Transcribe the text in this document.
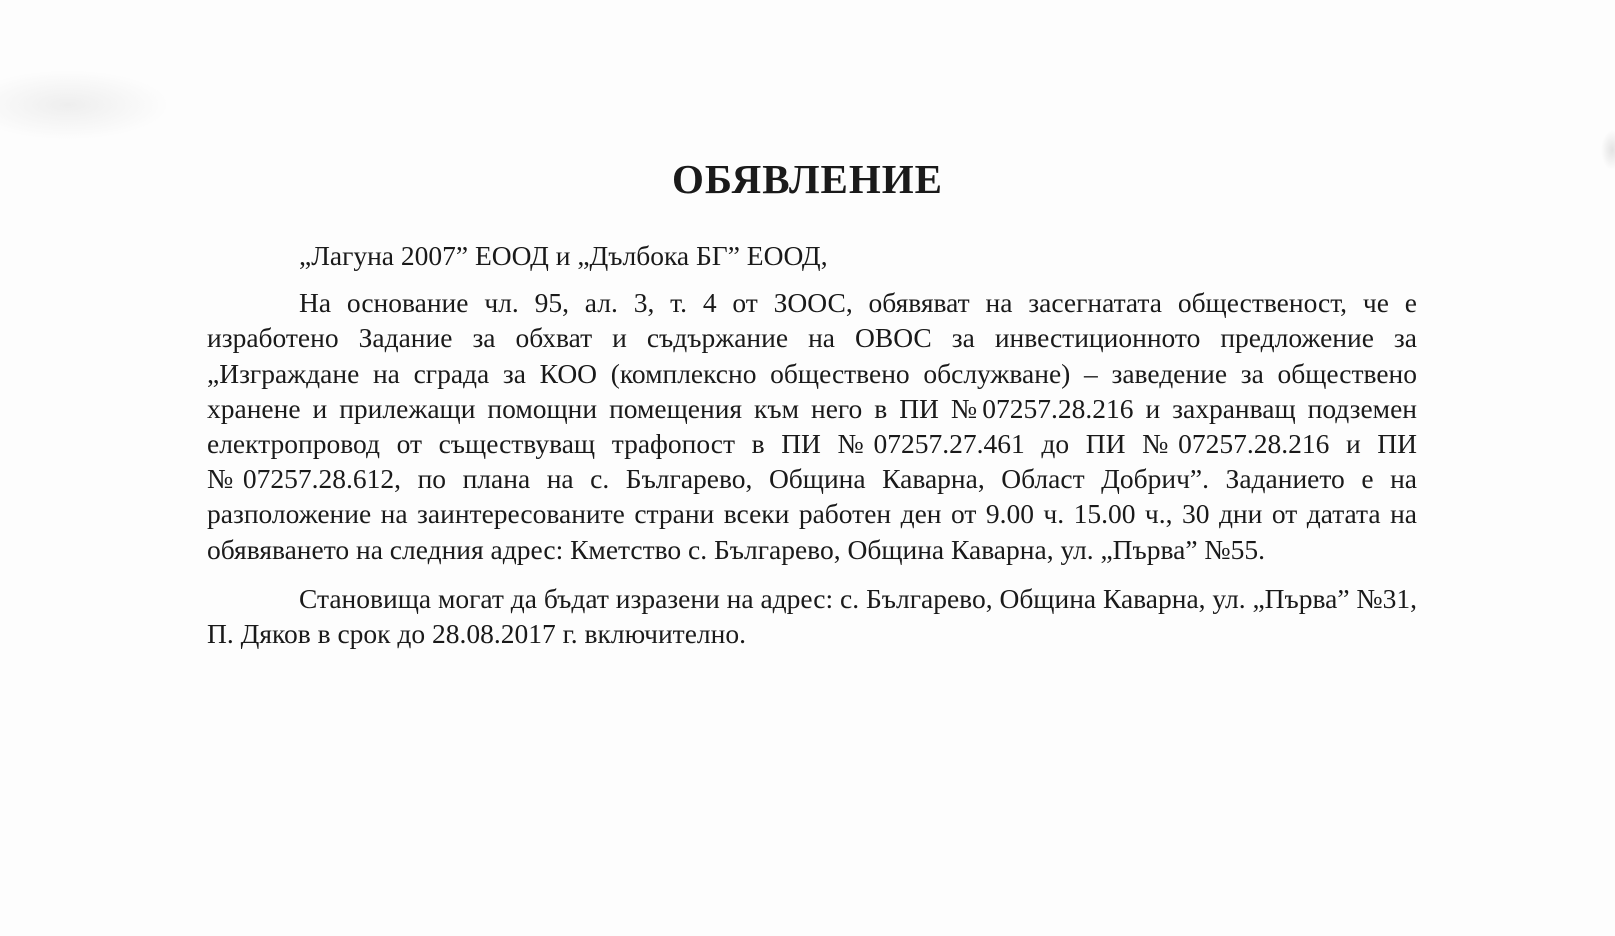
ОБЯВЛЕНИЕ

„Лагуна 2007” ЕООД и „Дълбока БГ” ЕООД,

На основание чл. 95, ал. 3, т. 4 от ЗООС, обявяват на засегнатата общественост, че е изработено Задание за обхват и съдържание на ОВОС за инвестиционното предложение за „Изграждане на сграда за КОО (комплексно обществено обслужване) – заведение за обществено хранене и прилежащи помощни помещения към него в ПИ №07257.28.216 и захранващ подземен електропровод от съществуващ трафопост в ПИ №07257.27.461 до ПИ №07257.28.216 и ПИ №07257.28.612, по плана на с. Българево, Община Каварна, Област Добрич”. Заданието е на разположение на заинтересованите страни всеки работен ден от 9.00 ч. 15.00 ч., 30 дни от датата на обявяването на следния адрес: Кметство с. Българево, Община Каварна, ул. „Първа” №55.

Становища могат да бъдат изразени на адрес: с. Българево, Община Каварна, ул. „Първа” №31, П. Дяков в срок до 28.08.2017 г. включително.
